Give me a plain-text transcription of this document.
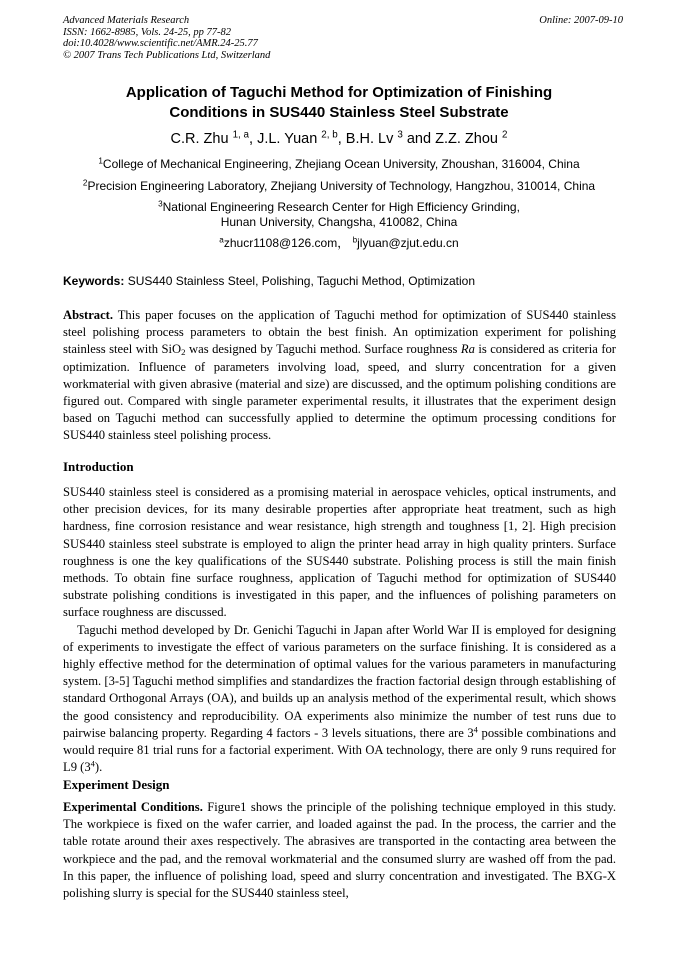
Advanced Materials Research
ISSN: 1662-8985, Vols. 24-25, pp 77-82
doi:10.4028/www.scientific.net/AMR.24-25.77
© 2007 Trans Tech Publications Ltd, Switzerland
Online: 2007-09-10
Application of Taguchi Method for Optimization of Finishing
Conditions in SUS440 Stainless Steel Substrate
C.R. Zhu $^{1, a}$, J.L. Yuan $^{2, b}$, B.H. Lv $^3$ and Z.Z. Zhou $^2$
$^1$College of Mechanical Engineering, Zhejiang Ocean University, Zhoushan, 316004, China
$^2$Precision Engineering Laboratory, Zhejiang University of Technology, Hangzhou, 310014, China
$^3$National Engineering Research Center for High Efficiency Grinding,
Hunan University, Changsha, 410082, China
$^a$zhucr1108@126.com， $^b$jlyuan@zjut.edu.cn
Keywords: SUS440 Stainless Steel, Polishing, Taguchi Method, Optimization

Abstract. This paper focuses on the application of Taguchi method for optimization of SUS440 stainless steel polishing process parameters to obtain the best finish. An optimization experiment for polishing stainless steel with SiO$_2$ was designed by Taguchi method. Surface roughness Ra is considered as criteria for optimization. Influence of parameters involving load, speed, and slurry concentration for a given workmaterial with given abrasive (material and size) are discussed, and the optimum polishing conditions are figured out. Compared with single parameter experimental results, it illustrates that the experiment design based on Taguchi method can successfully applied to determine the optimum processing conditions for SUS440 stainless steel polishing process.

Introduction

SUS440 stainless steel is considered as a promising material in aerospace vehicles, optical instruments, and other precision devices, for its many desirable properties after appropriate heat treatment, such as high hardness, fine corrosion resistance and wear resistance, high strength and toughness [1, 2]. High precision SUS440 stainless steel substrate is employed to align the printer head array in high quality printers. Surface roughness is one the key qualifications of the SUS440 substrate. Polishing process is still the main finish methods. To obtain fine surface roughness, application of Taguchi method for optimization of SUS440 substrate polishing conditions is investigated in this paper, and the influences of polishing parameters on surface roughness are discussed.

Taguchi method developed by Dr. Genichi Taguchi in Japan after World War II is employed for designing of experiments to investigate the effect of various parameters on the surface finishing. It is considered as a highly effective method for the determination of optimal values for the various parameters in manufacturing system. [3-5] Taguchi method simplifies and standardizes the fraction factorial design through establishing of standard Orthogonal Arrays (OA), and builds up an analysis method of the experimental result, which shows the good consistency and reproducibility. OA experiments also minimize the number of test runs due to pairwise balancing property. Regarding 4 factors - 3 levels situations, there are $3^4$ possible combinations and would require 81 trial runs for a factorial experiment. With OA technology, there are only 9 runs required for L9 $(3^4)$.

Experiment Design

Experimental Conditions. Figure1 shows the principle of the polishing technique employed in this study. The workpiece is fixed on the wafer carrier, and loaded against the pad. In the process, the carrier and the table rotate around their axes respectively. The abrasives are transported in the contacting area between the workpiece and the pad, and the removal workmaterial and the consumed slurry are washed off from the pad. In this paper, the influence of polishing load, speed and slurry concentration and investigated. The BXG-X polishing slurry is special for the SUS440 stainless steel,
